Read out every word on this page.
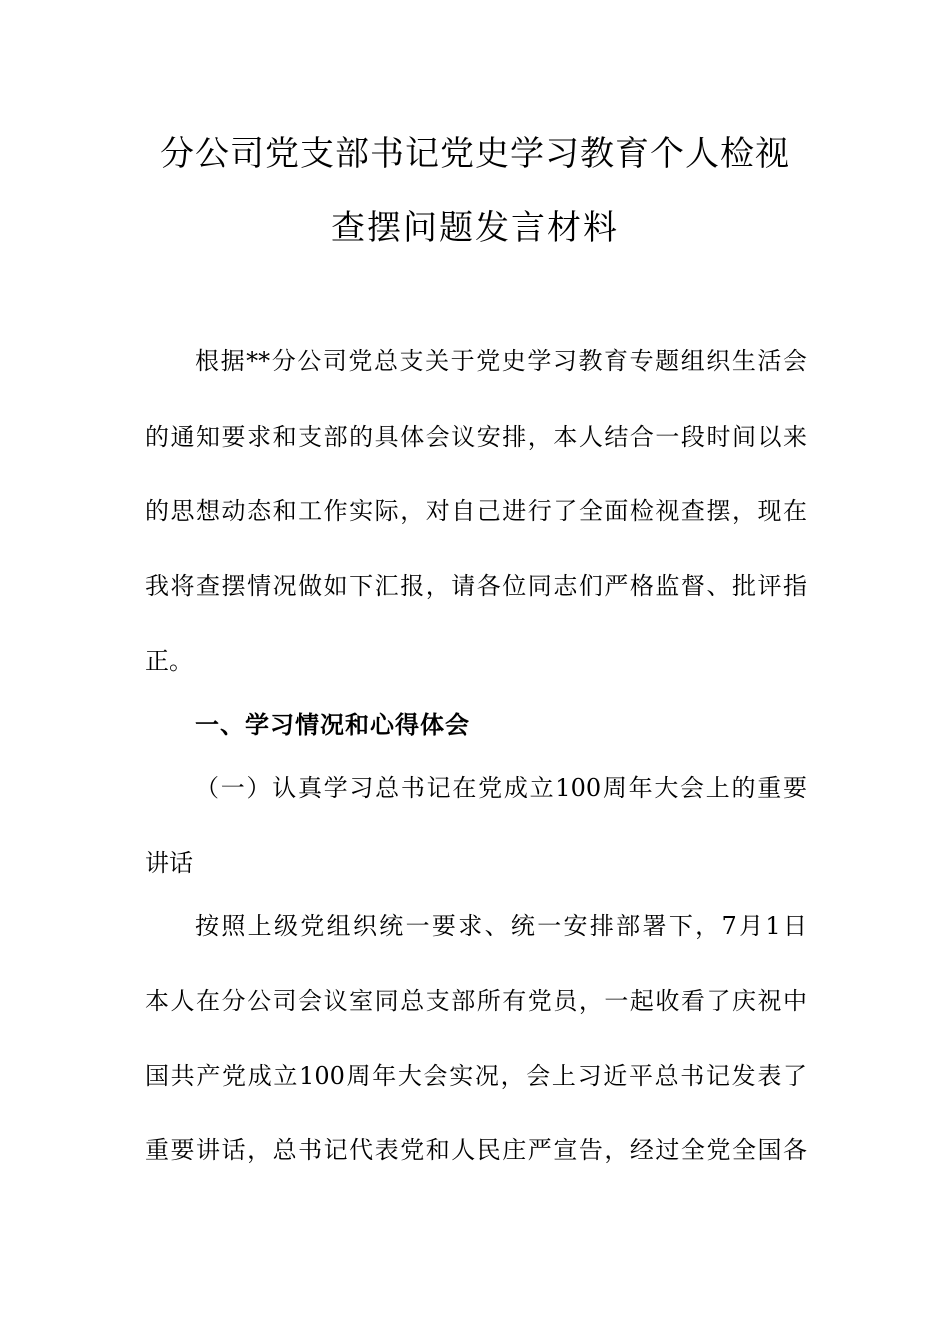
分公司党支部书记党史学习教育个人检视
查摆问题发言材料
根据**分公司党总支关于党史学习教育专题组织生活会
的通知要求和支部的具体会议安排，本人结合一段时间以来
的思想动态和工作实际，对自己进行了全面检视查摆，现在
我将查摆情况做如下汇报，请各位同志们严格监督、批评指
正。
一、学习情况和心得体会
（一）认真学习总书记在党成立100周年大会上的重要
讲话
按照上级党组织统一要求、统一安排部署下，7月1日
本人在分公司会议室同总支部所有党员，一起收看了庆祝中
国共产党成立100周年大会实况，会上习近平总书记发表了
重要讲话，总书记代表党和人民庄严宣告，经过全党全国各
